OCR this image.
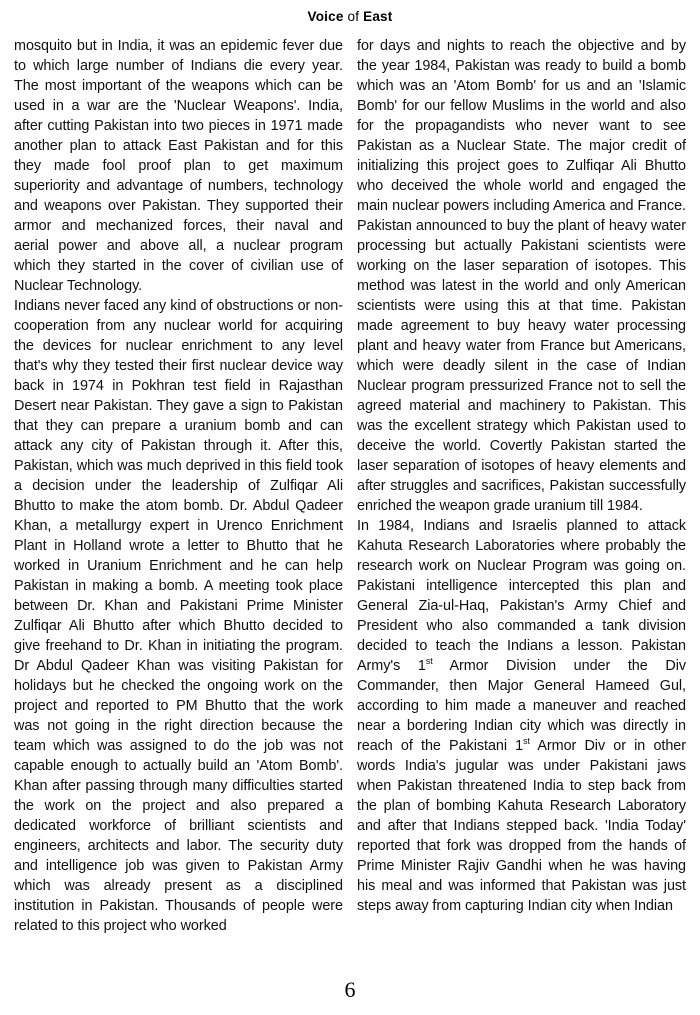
Voice of East

mosquito but in India, it was an epidemic fever due to which large number of Indians die every year. The most important of the weapons which can be used in a war are the 'Nuclear Weapons'. India, after cutting Pakistan into two pieces in 1971 made another plan to attack East Pakistan and for this they made fool proof plan to get maximum superiority and advantage of numbers, technology and weapons over Pakistan. They supported their armor and mechanized forces, their naval and aerial power and above all, a nuclear program which they started in the cover of civilian use of Nuclear Technology.

Indians never faced any kind of obstructions or non-cooperation from any nuclear world for acquiring the devices for nuclear enrichment to any level that's why they tested their first nuclear device way back in 1974 in Pokhran test field in Rajasthan Desert near Pakistan. They gave a sign to Pakistan that they can prepare a uranium bomb and can attack any city of Pakistan through it. After this, Pakistan, which was much deprived in this field took a decision under the leadership of Zulfiqar Ali Bhutto to make the atom bomb. Dr. Abdul Qadeer Khan, a metallurgy expert in Urenco Enrichment Plant in Holland wrote a letter to Bhutto that he worked in Uranium Enrichment and he can help Pakistan in making a bomb. A meeting took place between Dr. Khan and Pakistani Prime Minister Zulfiqar Ali Bhutto after which Bhutto decided to give freehand to Dr. Khan in initiating the program. Dr Abdul Qadeer Khan was visiting Pakistan for holidays but he checked the ongoing work on the project and reported to PM Bhutto that the work was not going in the right direction because the team which was assigned to do the job was not capable enough to actually build an 'Atom Bomb'. Khan after passing through many difficulties started the work on the project and also prepared a dedicated workforce of brilliant scientists and engineers, architects and labor. The security duty and intelligence job was given to Pakistan Army which was already present as a disciplined institution in Pakistan. Thousands of people were related to this project who worked

for days and nights to reach the objective and by the year 1984, Pakistan was ready to build a bomb which was an 'Atom Bomb' for us and an 'Islamic Bomb' for our fellow Muslims in the world and also for the propagandists who never want to see Pakistan as a Nuclear State. The major credit of initializing this project goes to Zulfiqar Ali Bhutto who deceived the whole world and engaged the main nuclear powers including America and France. Pakistan announced to buy the plant of heavy water processing but actually Pakistani scientists were working on the laser separation of isotopes. This method was latest in the world and only American scientists were using this at that time. Pakistan made agreement to buy heavy water processing plant and heavy water from France but Americans, which were deadly silent in the case of Indian Nuclear program pressurized France not to sell the agreed material and machinery to Pakistan. This was the excellent strategy which Pakistan used to deceive the world. Covertly Pakistan started the laser separation of isotopes of heavy elements and after struggles and sacrifices, Pakistan successfully enriched the weapon grade uranium till 1984.

In 1984, Indians and Israelis planned to attack Kahuta Research Laboratories where probably the research work on Nuclear Program was going on. Pakistani intelligence intercepted this plan and General Zia-ul-Haq, Pakistan's Army Chief and President who also commanded a tank division decided to teach the Indians a lesson. Pakistan Army's 1st Armor Division under the Div Commander, then Major General Hameed Gul, according to him made a maneuver and reached near a bordering Indian city which was directly in reach of the Pakistani 1st Armor Div or in other words India's jugular was under Pakistani jaws when Pakistan threatened India to step back from the plan of bombing Kahuta Research Laboratory and after that Indians stepped back. 'India Today' reported that fork was dropped from the hands of Prime Minister Rajiv Gandhi when he was having his meal and was informed that Pakistan was just steps away from capturing Indian city when Indian

6
